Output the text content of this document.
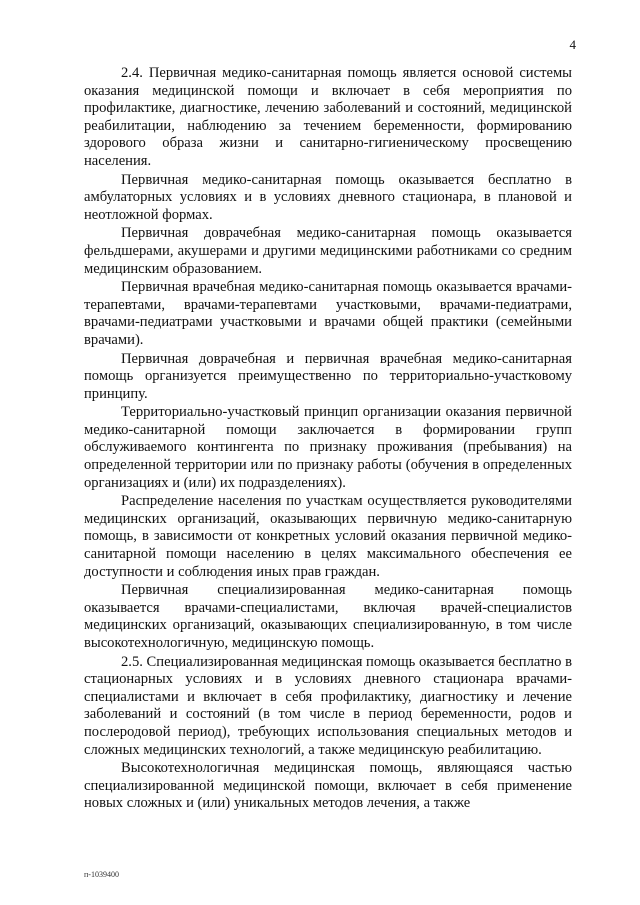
4

2.4. Первичная медико-санитарная помощь является основой системы оказания медицинской помощи и включает в себя мероприятия по профилактике, диагностике, лечению заболеваний и состояний, медицинской реабилитации, наблюдению за течением беременности, формированию здорового образа жизни и санитарно-гигиеническому просвещению населения.

Первичная медико-санитарная помощь оказывается бесплатно в амбулаторных условиях и в условиях дневного стационара, в плановой и неотложной формах.

Первичная доврачебная медико-санитарная помощь оказывается фельдшерами, акушерами и другими медицинскими работниками со средним медицинским образованием.

Первичная врачебная медико-санитарная помощь оказывается врачами-терапевтами, врачами-терапевтами участковыми, врачами-педиатрами, врачами-педиатрами участковыми и врачами общей практики (семейными врачами).

Первичная доврачебная и первичная врачебная медико-санитарная помощь организуется преимущественно по территориально-участковому принципу.

Территориально-участковый принцип организации оказания первичной медико-санитарной помощи заключается в формировании групп обслуживаемого контингента по признаку проживания (пребывания) на определенной территории или по признаку работы (обучения в определенных организациях и (или) их подразделениях).

Распределение населения по участкам осуществляется руководителями медицинских организаций, оказывающих первичную медико-санитарную помощь, в зависимости от конкретных условий оказания первичной медико-санитарной помощи населению в целях максимального обеспечения ее доступности и соблюдения иных прав граждан.

Первичная специализированная медико-санитарная помощь оказывается врачами-специалистами, включая врачей-специалистов медицинских организаций, оказывающих специализированную, в том числе высокотехнологичную, медицинскую помощь.

2.5. Специализированная медицинская помощь оказывается бесплатно в стационарных условиях и в условиях дневного стационара врачами-специалистами и включает в себя профилактику, диагностику и лечение заболеваний и состояний (в том числе в период беременности, родов и послеродовой период), требующих использования специальных методов и сложных медицинских технологий, а также медицинскую реабилитацию.

Высокотехнологичная медицинская помощь, являющаяся частью специализированной медицинской помощи, включает в себя применение новых сложных и (или) уникальных методов лечения, а также

п-1039400
